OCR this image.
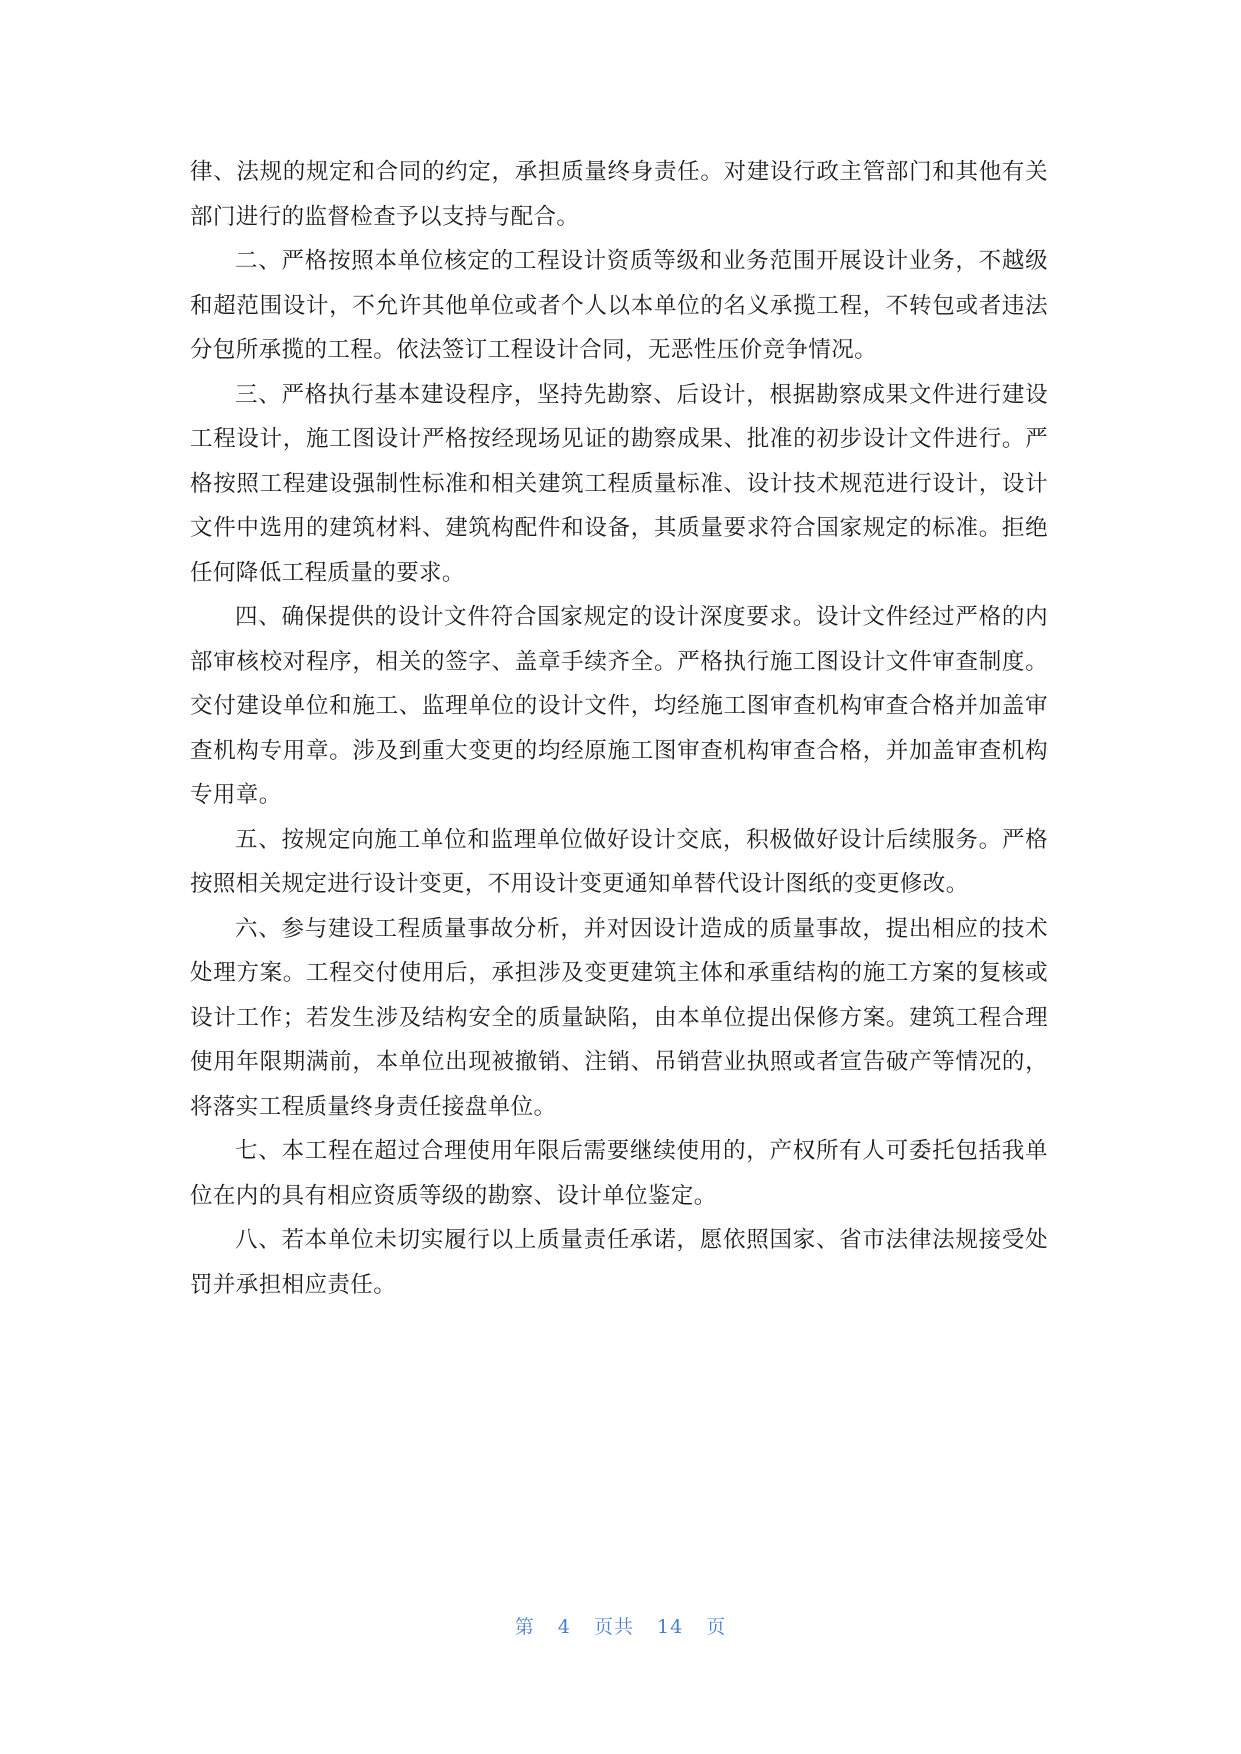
律、法规的规定和合同的约定，承担质量终身责任。对建设行政主管部门和其他有关部门进行的监督检查予以支持与配合。

二、严格按照本单位核定的工程设计资质等级和业务范围开展设计业务，不越级和超范围设计，不允许其他单位或者个人以本单位的名义承揽工程，不转包或者违法分包所承揽的工程。依法签订工程设计合同，无恶性压价竞争情况。

三、严格执行基本建设程序，坚持先勘察、后设计，根据勘察成果文件进行建设工程设计，施工图设计严格按经现场见证的勘察成果、批准的初步设计文件进行。严格按照工程建设强制性标准和相关建筑工程质量标准、设计技术规范进行设计，设计文件中选用的建筑材料、建筑构配件和设备，其质量要求符合国家规定的标准。拒绝任何降低工程质量的要求。

四、确保提供的设计文件符合国家规定的设计深度要求。设计文件经过严格的内部审核校对程序，相关的签字、盖章手续齐全。严格执行施工图设计文件审查制度。交付建设单位和施工、监理单位的设计文件，均经施工图审查机构审查合格并加盖审查机构专用章。涉及到重大变更的均经原施工图审查机构审查合格，并加盖审查机构专用章。

五、按规定向施工单位和监理单位做好设计交底，积极做好设计后续服务。严格按照相关规定进行设计变更，不用设计变更通知单替代设计图纸的变更修改。

六、参与建设工程质量事故分析，并对因设计造成的质量事故，提出相应的技术处理方案。工程交付使用后，承担涉及变更建筑主体和承重结构的施工方案的复核或设计工作；若发生涉及结构安全的质量缺陷，由本单位提出保修方案。建筑工程合理使用年限期满前，本单位出现被撤销、注销、吊销营业执照或者宣告破产等情况的，将落实工程质量终身责任接盘单位。

七、本工程在超过合理使用年限后需要继续使用的，产权所有人可委托包括我单位在内的具有相应资质等级的勘察、设计单位鉴定。

八、若本单位未切实履行以上质量责任承诺，愿依照国家、省市法律法规接受处罚并承担相应责任。

第 4 页共 14 页
